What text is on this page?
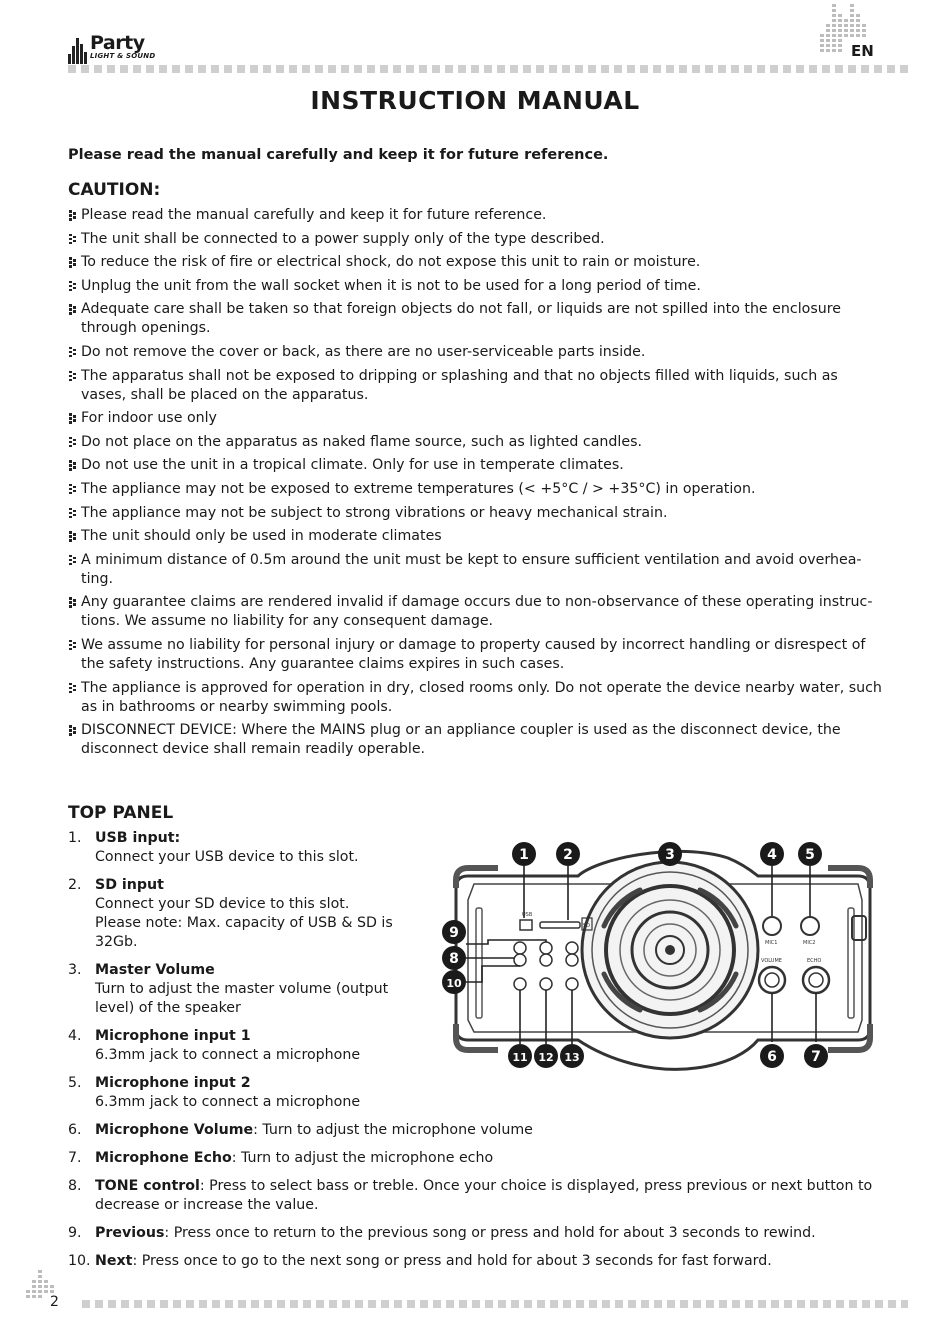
Party
LIGHT & SOUND	EN
INSTRUCTION MANUAL
Please read the manual carefully and keep it for future reference.
CAUTION:
Please read the manual carefully and keep it for future reference.
The unit shall be connected to a power supply only of the type described.
To reduce the risk of fire or electrical shock, do not expose this unit to rain or moisture.
Unplug the unit from the wall socket when it is not to be used for a long period of time.
Adequate care shall be taken so that foreign objects do not fall, or liquids are not spilled into the enclosure through openings.
Do not remove the cover or back, as there are no user-serviceable parts inside.
The apparatus shall not be exposed to dripping or splashing and that no objects filled with liquids, such as vases, shall be placed on the apparatus.
For indoor use only
Do not place on the apparatus as naked flame source, such as lighted candles.
Do not use the unit in a tropical climate. Only for use in temperate climates.
The appliance may not be exposed to extreme temperatures (< +5°C / > +35°C) in operation.
The appliance may not be subject to strong vibrations or heavy mechanical strain.
The unit should only be used in moderate climates
A minimum distance of 0.5m around the unit must be kept to ensure sufficient ventilation and avoid overhea-ting.
Any guarantee claims are rendered invalid if damage occurs due to non-observance of these operating instruc-tions. We assume no liability for any consequent damage.
We assume no liability for personal injury or damage to property caused by incorrect handling or disrespect of the safety instructions. Any guarantee claims expires in such cases.
The appliance is approved for operation in dry, closed rooms only. Do not operate the device nearby water, such as in bathrooms or nearby swimming pools.
DISCONNECT DEVICE: Where the MAINS plug or an appliance coupler is used as the disconnect device, the disconnect device shall remain readily operable.
TOP PANEL
1. USB input:
Connect your USB device to this slot.
2. SD input
Connect your SD device to this slot.
Please note: Max. capacity of USB & SD is 32Gb.
3. Master Volume
Turn to adjust the master volume (output level) of the speaker
4. Microphone input 1
6.3mm jack to connect a microphone
5. Microphone input 2
6.3mm jack to connect a microphone
6. Microphone Volume: Turn to adjust the microphone volume
7. Microphone Echo: Turn to adjust the microphone echo
8. TONE control: Press to select bass or treble. Once your choice is displayed, press previous or next button to decrease or increase the value.
9. Previous: Press once to return to the previous song or press and hold for about 3 seconds to rewind.
10. Next: Press once to go to the next song or press and hold for about 3 seconds for fast forward.
USB
SD
MIC1	MIC2
VOLUME	ECHO
1 2	3	4 5
6 7
8
9
10
11 12 13
2
